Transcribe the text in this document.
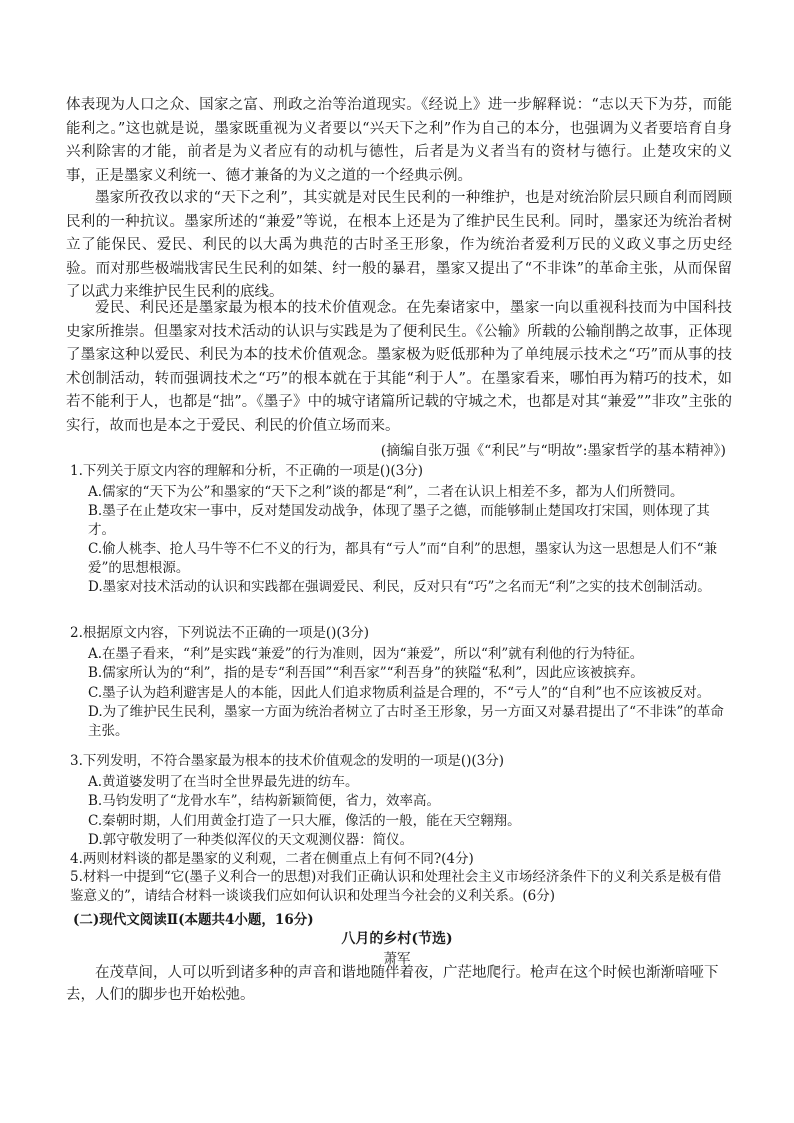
体表现为人口之众、国家之富、刑政之治等治道现实。《经说上》进一步解释说：“志以天下为芬，而能能利之。”这也就是说，墨家既重视为义者要以“兴天下之利”作为自己的本分，也强调为义者要培育自身兴利除害的才能，前者是为义者应有的动机与德性，后者是为义者当有的资材与德行。止楚攻宋的义事，正是墨家义利统一、德才兼备的为义之道的一个经典示例。

墨家所孜孜以求的“天下之利”，其实就是对民生民利的一种维护，也是对统治阶层只顾自利而罔顾民利的一种抗议。墨家所述的“兼爱”等说，在根本上还是为了维护民生民利。同时，墨家还为统治者树立了能保民、爱民、利民的以大禹为典范的古时圣王形象，作为统治者爱利万民的义政义事之历史经验。而对那些极端戕害民生民利的如桀、纣一般的暴君，墨家又提出了“不非诛”的革命主张，从而保留了以武力来维护民生民利的底线。

爱民、利民还是墨家最为根本的技术价值观念。在先秦诸家中，墨家一向以重视科技而为中国科技史家所推崇。但墨家对技术活动的认识与实践是为了便利民生。《公输》所载的公输削鹊之故事，正体现了墨家这种以爱民、利民为本的技术价值观念。墨家极为贬低那种为了单纯展示技术之“巧”而从事的技术创制活动，转而强调技术之“巧”的根本就在于其能“利于人”。在墨家看来，哪怕再为精巧的技术，如若不能利于人，也都是“拙”。《墨子》中的城守诸篇所记载的守城之术，也都是对其“兼爱””非攻”主张的实行，故而也是本之于爱民、利民的价值立场而来。

(摘编自张万强《“利民”与“明故”:墨家哲学的基本精神》)

1.下列关于原文内容的理解和分析，不正确的一项是()(3分)

A.儒家的“天下为公”和墨家的“天下之利”谈的都是“利”，二者在认识上相差不多，都为人们所赞同。

B.墨子在止楚攻宋一事中，反对楚国发动战争，体现了墨子之德，而能够制止楚国攻打宋国，则体现了其才。

C.偷人桃李、抢人马牛等不仁不义的行为，都具有“亏人”而“自利”的思想，墨家认为这一思想是人们不“兼爱”的思想根源。

D.墨家对技术活动的认识和实践都在强调爱民、利民，反对只有“巧”之名而无“利”之实的技术创制活动。

2.根据原文内容，下列说法不正确的一项是()(3分)

A.在墨子看来，“利”是实践“兼爱”的行为准则，因为“兼爱”，所以“利”就有利他的行为特征。

B.儒家所认为的“利”，指的是专“利吾国”“利吾家”“利吾身”的狭隘“私利”，因此应该被摈弃。

C.墨子认为趋利避害是人的本能，因此人们追求物质利益是合理的，不“亏人”的“自利”也不应该被反对。

D.为了维护民生民利，墨家一方面为统治者树立了古时圣王形象，另一方面又对暴君提出了“不非诛”的革命主张。

3.下列发明，不符合墨家最为根本的技术价值观念的发明的一项是()(3分)

A.黄道婆发明了在当时全世界最先进的纺车。

B.马钧发明了“龙骨水车”，结构新颖简便，省力，效率高。

C.秦朝时期，人们用黄金打造了一只大雁，像活的一般，能在天空翱翔。

D.郭守敬发明了一种类似浑仪的天文观测仪器：简仪。

4.两则材料谈的都是墨家的义利观，二者在侧重点上有何不同?(4分)

5.材料一中提到“它(墨子义利合一的思想)对我们正确认识和处理社会主义市场经济条件下的义利关系是极有借鉴意义的”，请结合材料一谈谈我们应如何认识和处理当今社会的义利关系。(6分)

(二)现代文阅读Ⅱ(本题共4小题，16分)
八月的乡村(节选)
萧军

在茂草间，人可以听到诸多种的声音和谐地随伴着夜，广茫地爬行。枪声在这个时候也渐渐喑哑下去，人们的脚步也开始松弛。
